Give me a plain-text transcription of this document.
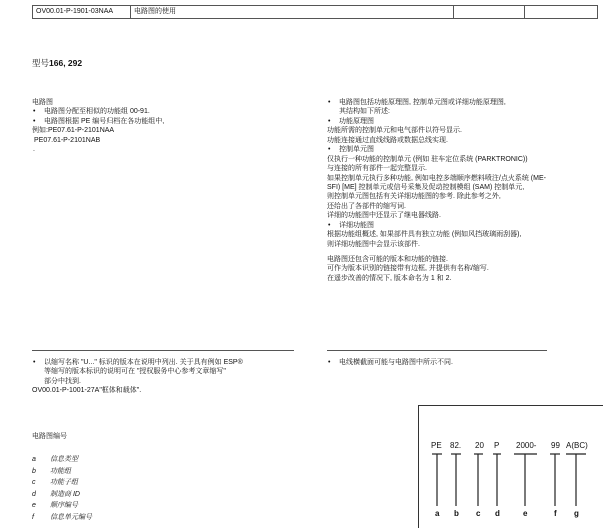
OV00.01-P-1901-03NAA	电路图的使用		
型号166, 292

电路图

• 电路图分配至相似的功能组 00-91.

• 电路图根据 PE 编号归档在各功能组中,

例如:PE07.61-P-2101NAA

PE07.61-P-2101NAB

.

• 电路图包括功能原理图, 控制单元图或详细功能原理图,

其结构如下所述:

• 功能原理图

功能所需的控制单元和电气部件以符号显示.

功能连接通过直线线路或数据总线实现.

• 控制单元图

仅执行一种功能的控制单元 (例如 驻车定位系统 (PARKTRONIC))

与连接的所有部件一起完整显示.

如果控制单元执行多种功能, 例如电控多端顺序燃料喷注/点火系统 (ME-

SFI) [ME] 控制单元或信号采集及促动控制模组 (SAM) 控制单元,

则控制单元图包括有关详细功能图的参考. 除此参考之外,

还给出了各部件的缩写词.

详细的功能图中还显示了继电器线路.

• 详细功能图

根据功能组概述, 如果部件具有独立功能 (例如风挡玻璃雨刮器),

则详细功能图中会显示该部件.

电路图还包含可能的版本和功能的链接.

可作为版本识别的链接带有边框, 并提供有名称/缩写.

在遥步改善的情况下, 版本命名为 1 和 2.

• 以缩写名称 "U..." 标识的版本在说明中列出. 关于具有例如 ESP®

等缩写的版本标识的说明可在 "授权服务中心参考文章缩写"

部分中找到.

OV00.01-P-1001-27A"框体和载体".

• 电线横截面可能与电路图中所示不同.

电路图编号
a	信息类型
b	功能组
c	功能子组
d	制造商 ID
e	顺序编号
f	信息单元编号
PE 82. 20 P 2000- 99 A(BC)
a b c d	e	f g
